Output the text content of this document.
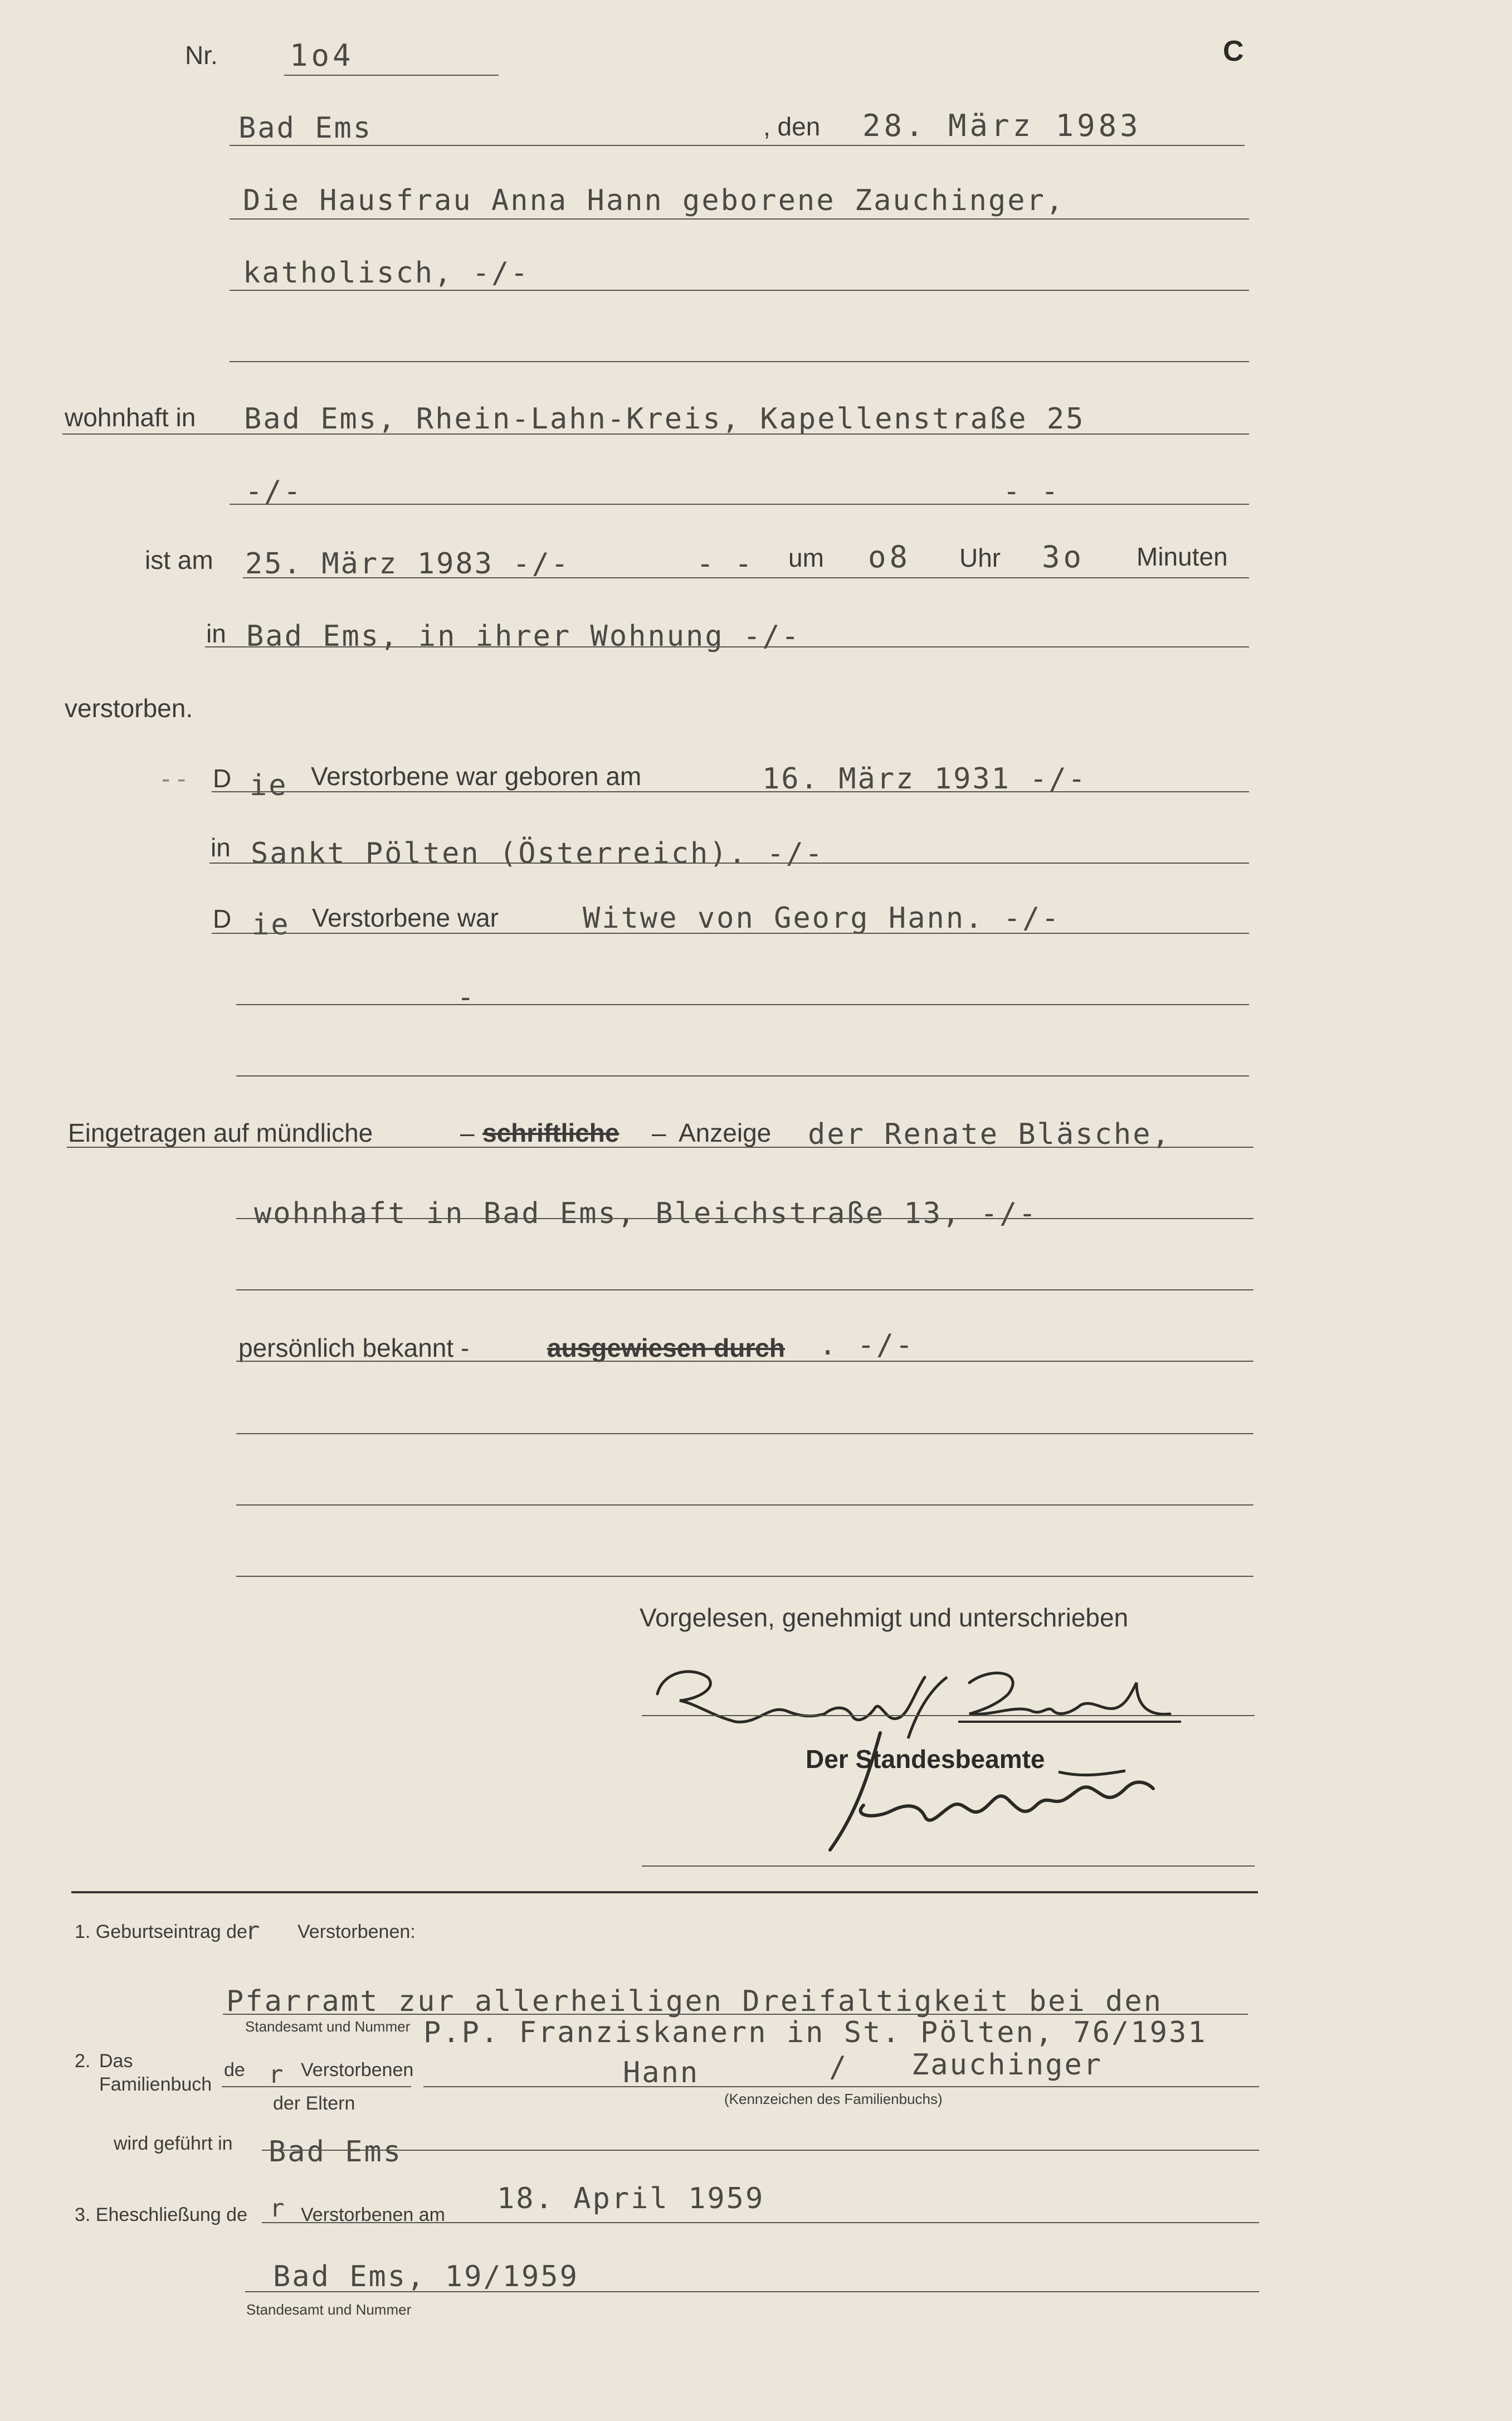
Nr. 1o4	C
Bad Ems	, den 28. März 1983
Die Hausfrau Anna Hann geborene Zauchinger,
katholisch, -/-
wohnhaft in Bad Ems, Rhein-Lahn-Kreis, Kapellenstraße 25
-/-	- -
ist am 25. März 1983 -/-	- - um o8 Uhr 3o Minuten
in Bad Ems, in ihrer Wohnung -/-
verstorben.
- - D ie Verstorbene war geboren am	16. März 1931 -/-
in Sankt Pölten (Österreich). -/-
D ie Verstorbene war	Witwe von Georg Hann. -/-
-
Eingetragen auf mündliche	– schriftliche – Anzeige der Renate Bläsche,
wohnhaft in Bad Ems, Bleichstraße 13, -/-
persönlich bekannt -	ausgewiesen durch . -/-
Vorgelesen, genehmigt und unterschrieben
Der Standesbeamte
1. Geburtseintrag de
r Verstorbenen:
Pfarramt zur allerheiligen Dreifaltigkeit bei den
Standesamt und Nummer P.P. Franziskanern in St. Pölten, 76/1931
2. Das
Familienbuch
de r Verstorbenen
der Eltern
Hann	/ Zauchinger
(Kennzeichen des Familienbuchs)
wird geführt in Bad Ems
3. Eheschließung de r Verstorbenen am 18. April 1959
Bad Ems, 19/1959
Standesamt und Nummer
